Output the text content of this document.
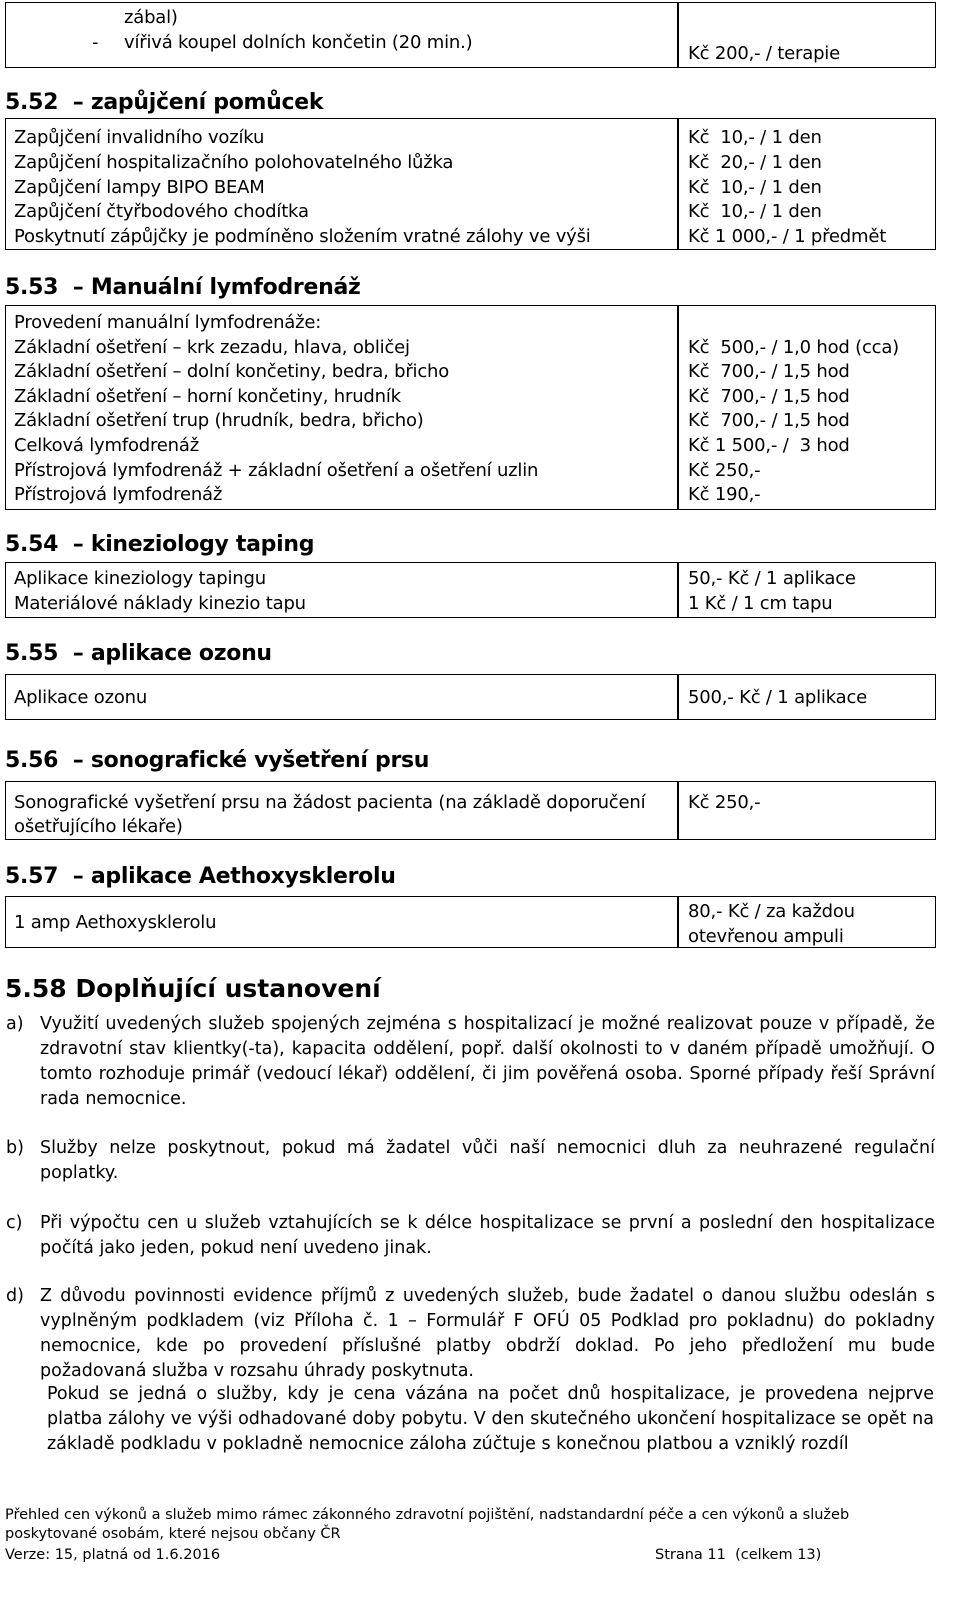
zábal)
- vířivá koupel dolních končetin (20 min.)
Kč 200,- / terapie
5.52  – zapůjčení pomůcek
Zapůjčení invalidního vozíku
Zapůjčení hospitalizačního polohovatelného lůžka
Zapůjčení lampy BIPO BEAM
Zapůjčení čtyřbodového chodítka
Poskytnutí zápůjčky je podmíněno složením vratné zálohy ve výši
Kč  10,- / 1 den
Kč  20,- / 1 den
Kč  10,- / 1 den
Kč  10,- / 1 den
Kč 1 000,- / 1 předmět
5.53  – Manuální lymfodrenáž
Provedení manuální lymfodrenáže:
Základní ošetření – krk zezadu, hlava, obličej
Základní ošetření – dolní končetiny, bedra, břicho
Základní ošetření – horní končetiny, hrudník
Základní ošetření trup (hrudník, bedra, břicho)
Celková lymfodrenáž
Přístrojová lymfodrenáž + základní ošetření a ošetření uzlin
Přístrojová lymfodrenáž
Kč  500,- / 1,0 hod (cca)
Kč  700,- / 1,5 hod
Kč  700,- / 1,5 hod
Kč  700,- / 1,5 hod
Kč 1 500,- /  3 hod
Kč 250,-
Kč 190,-
5.54  – kineziology taping
Aplikace kineziology tapingu
Materiálové náklady kinezio tapu
50,- Kč / 1 aplikace
1 Kč / 1 cm tapu
5.55  – aplikace ozonu
Aplikace ozonu	500,- Kč / 1 aplikace
5.56  – sonografické vyšetření prsu
Sonografické vyšetření prsu na žádost pacienta (na základě doporučení
ošetřujícího lékaře)
Kč 250,-
5.57  – aplikace Aethoxysklerolu
1 amp Aethoxysklerolu
80,- Kč / za každou
otevřenou ampuli
5.58 Doplňující ustanovení
a) Využití uvedených služeb spojených zejména s hospitalizací je možné realizovat pouze v případě, že zdravotní stav klientky(-ta), kapacita oddělení, popř. další okolnosti to v daném případě umožňují. O tomto rozhoduje primář (vedoucí lékař) oddělení, či jim pověřená osoba. Sporné případy řeší Správní rada nemocnice.
b) Služby nelze poskytnout, pokud má žadatel vůči naší nemocnici dluh za neuhrazené regulační poplatky.
c) Při výpočtu cen u služeb vztahujících se k délce hospitalizace se první a poslední den hospitalizace počítá jako jeden, pokud není uvedeno jinak.
d) Z důvodu povinnosti evidence příjmů z uvedených služeb, bude žadatel o danou službu odeslán s vyplněným podkladem (viz Příloha č. 1 – Formulář F OFÚ 05 Podklad pro pokladnu) do pokladny nemocnice, kde po provedení příslušné platby obdrží doklad. Po jeho předložení mu bude požadovaná služba v rozsahu úhrady poskytnuta.
Pokud se jedná o služby, kdy je cena vázána na počet dnů hospitalizace, je provedena nejprve platba zálohy ve výši odhadované doby pobytu. V den skutečného ukončení hospitalizace se opět na základě podkladu v pokladně nemocnice záloha zúčtuje s konečnou platbou a vzniklý rozdíl
Přehled cen výkonů a služeb mimo rámec zákonného zdravotní pojištění, nadstandardní péče a cen výkonů a služeb
poskytované osobám, které nejsou občany ČR
Verze: 15, platná od 1.6.2016	Strana 11  (celkem 13)
